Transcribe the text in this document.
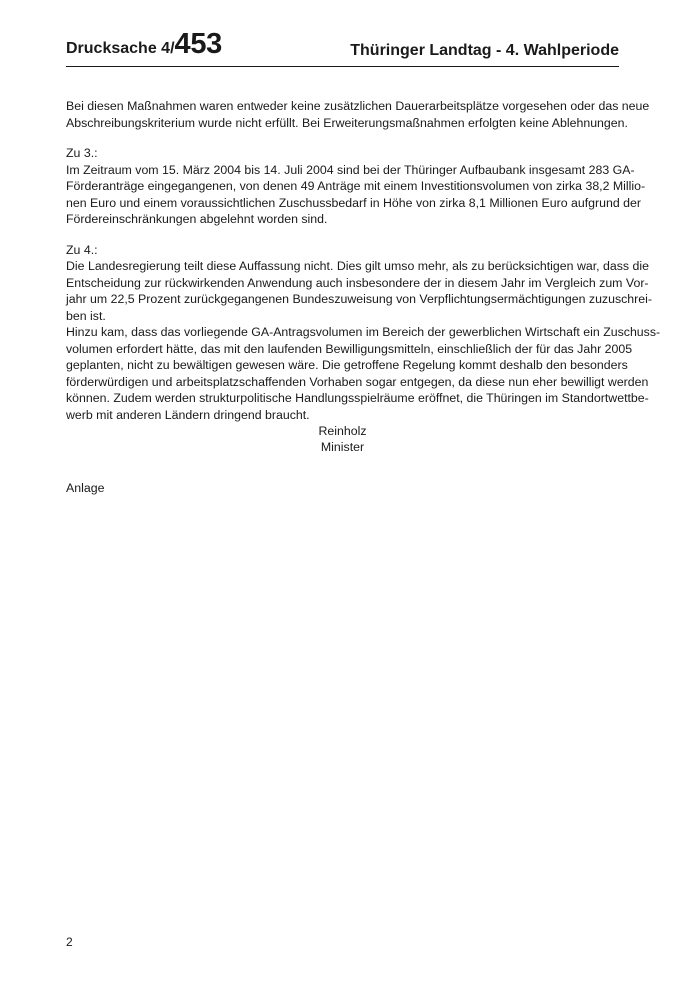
Drucksache 4/453	Thüringer Landtag - 4. Wahlperiode
Bei diesen Maßnahmen waren entweder keine zusätzlichen Dauerarbeitsplätze vorgesehen oder das neue
Abschreibungskriterium wurde nicht erfüllt. Bei Erweiterungsmaßnahmen erfolgten keine Ablehnungen.
Zu 3.:
Im Zeitraum vom 15. März 2004 bis 14. Juli 2004 sind bei der Thüringer Aufbaubank insgesamt 283 GA-
Förderanträge eingegangenen, von denen 49 Anträge mit einem Investitionsvolumen von zirka 38,2 Millio-
nen Euro und einem voraussichtlichen Zuschussbedarf in Höhe von zirka 8,1 Millionen Euro aufgrund der
Fördereinschränkungen abgelehnt worden sind.
Zu 4.:
Die Landesregierung teilt diese Auffassung nicht. Dies gilt umso mehr, als zu berücksichtigen war, dass die
Entscheidung zur rückwirkenden Anwendung auch insbesondere der in diesem Jahr im Vergleich zum Vor-
jahr um 22,5 Prozent zurückgegangenen Bundeszuweisung von Verpflichtungsermächtigungen zuzuschrei-
ben ist.
Hinzu kam, dass das vorliegende GA-Antragsvolumen im Bereich der gewerblichen Wirtschaft ein Zuschuss-
volumen erfordert hätte, das mit den laufenden Bewilligungsmitteln, einschließlich der für das Jahr 2005
geplanten, nicht zu bewältigen gewesen wäre. Die getroffene Regelung kommt deshalb den besonders
förderwürdigen und arbeitsplatzschaffenden Vorhaben sogar entgegen, da diese nun eher bewilligt werden
können. Zudem werden strukturpolitische Handlungsspielräume eröffnet, die Thüringen im Standortwettbe-
werb mit anderen Ländern dringend braucht.
Reinholz
Minister
Anlage
2
